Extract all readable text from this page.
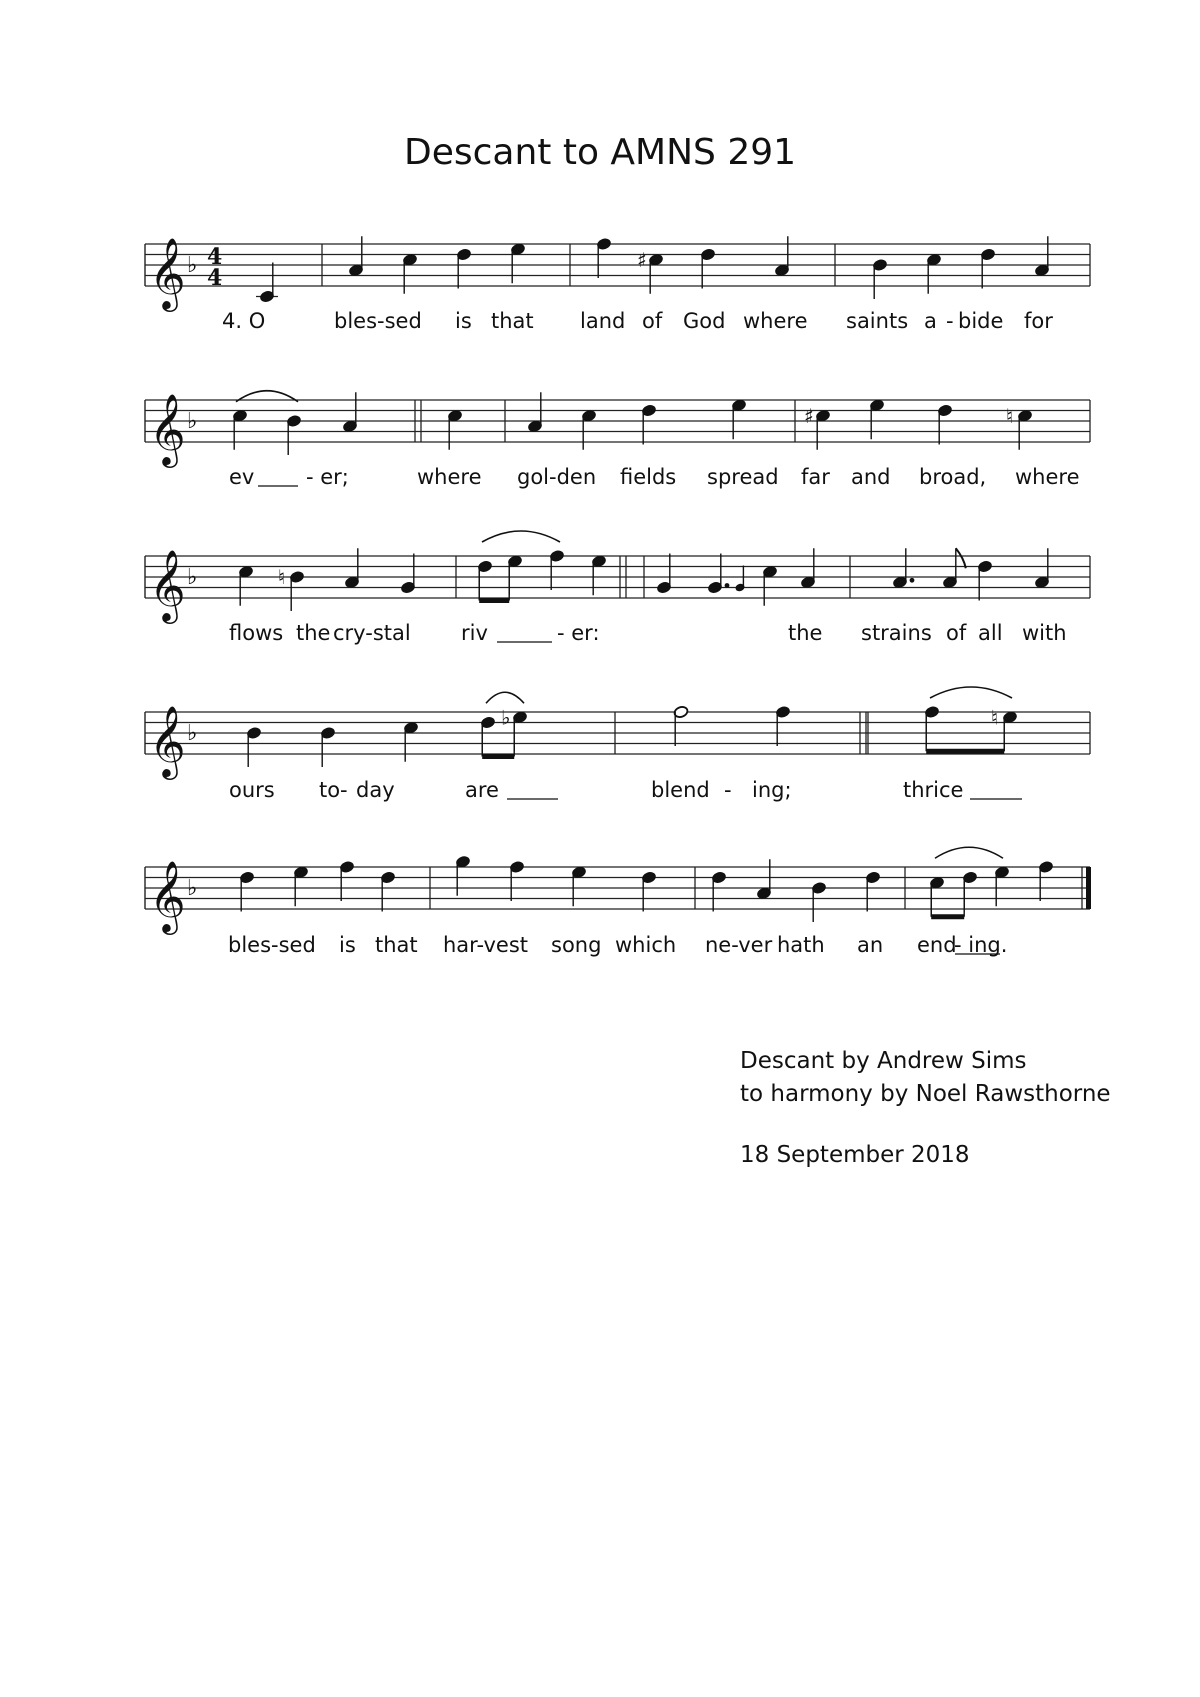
𝄞 ♭ 4
4
♯
𝄞 ♭	♯	♮
𝄞 ♭	♮
𝄞 ♭
♭	♮
𝄞 ♭
4. O	bles-sed is that land of God where saints a - bide for
ev - er;	where gol-den fields spread far and broad, where
flows the cry-stal riv	- er:	the strains of all with
ours to - day	are	blend - ing;	thrice
bles-sed is that har-vest song which ne-ver hath an end
- ing.
Descant to AMNS 291
Descant by Andrew Sims
to harmony by Noel Rawsthorne
18 September 2018
